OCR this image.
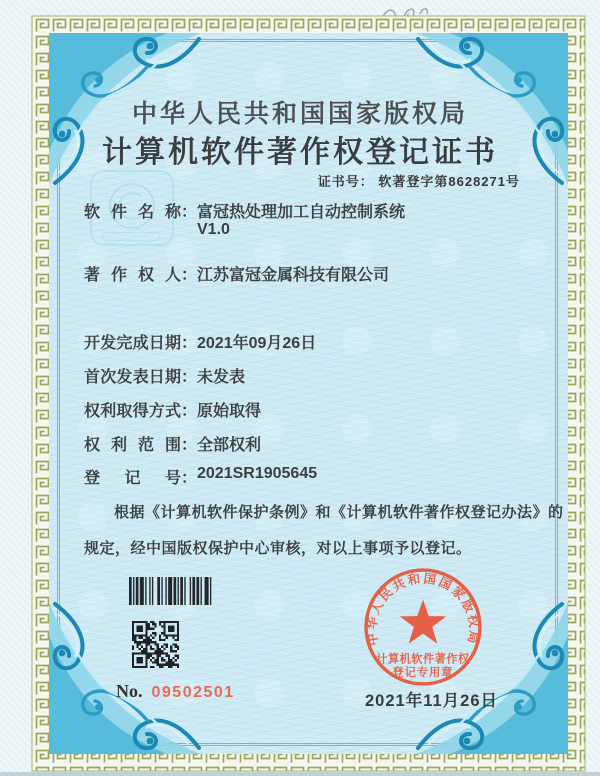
中华人民共和国国家版权局
计算机软件著作权登记证书
证书号： 软著登字第8628271号
软件名称： 富冠热处理加工自动控制系统
V1.0
著作权人： 江苏富冠金属科技有限公司
开发完成日期： 2021年09月26日
首次发表日期： 未发表
权利取得方式： 原始取得
权利范围： 全部权利
登记号： 2021SR1905645
根据《计算机软件保护条例》和《计算机软件著作权登记办法》的
规定，经中国版权保护中心审核，对以上事项予以登记。
No. 09502501
中华人民共和国国家版权局
计算机软件著作权
登记专用章
2021年11月26日
